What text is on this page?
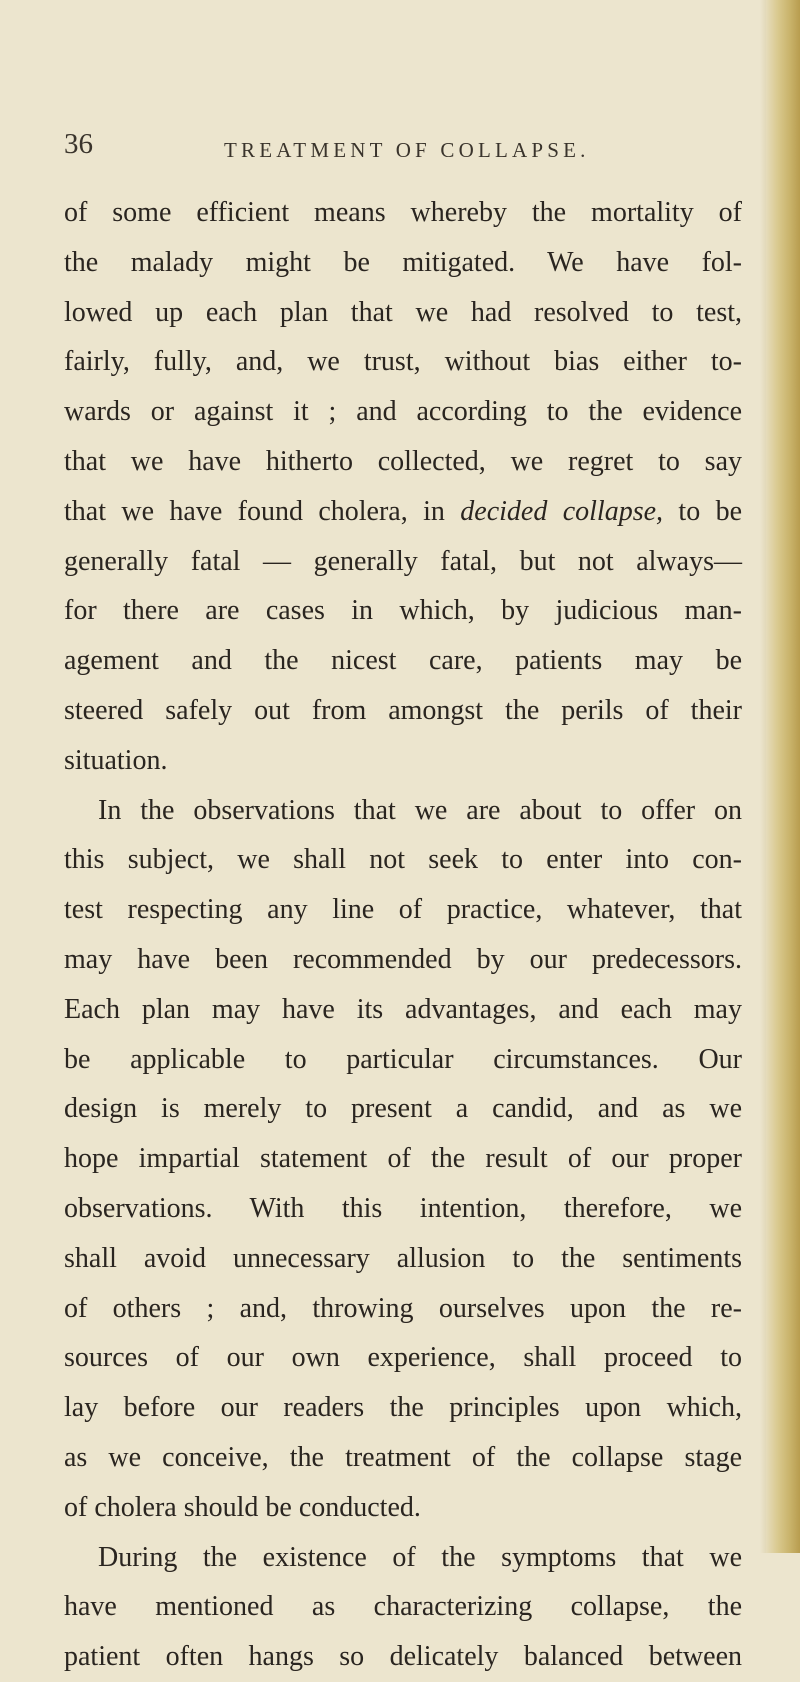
36	TREATMENT OF COLLAPSE.
of some efficient means whereby the mortality of
the malady might be mitigated. We have fol-
lowed up each plan that we had resolved to test,
fairly, fully, and, we trust, without bias either to-
wards or against it ; and according to the evidence
that we have hitherto collected, we regret to say
that we have found cholera, in decided collapse, to be
generally fatal — generally fatal, but not always—
for there are cases in which, by judicious man-
agement and the nicest care, patients may be
steered safely out from amongst the perils of their
situation.
In the observations that we are about to offer on
this subject, we shall not seek to enter into con-
test respecting any line of practice, whatever, that
may have been recommended by our predecessors.
Each plan may have its advantages, and each may
be applicable to particular circumstances. Our
design is merely to present a candid, and as we
hope impartial statement of the result of our proper
observations. With this intention, therefore, we
shall avoid unnecessary allusion to the sentiments
of others ; and, throwing ourselves upon the re-
sources of our own experience, shall proceed to
lay before our readers the principles upon which,
as we conceive, the treatment of the collapse stage
of cholera should be conducted.
During the existence of the symptoms that we
have mentioned as characterizing collapse, the
patient often hangs so delicately balanced between
